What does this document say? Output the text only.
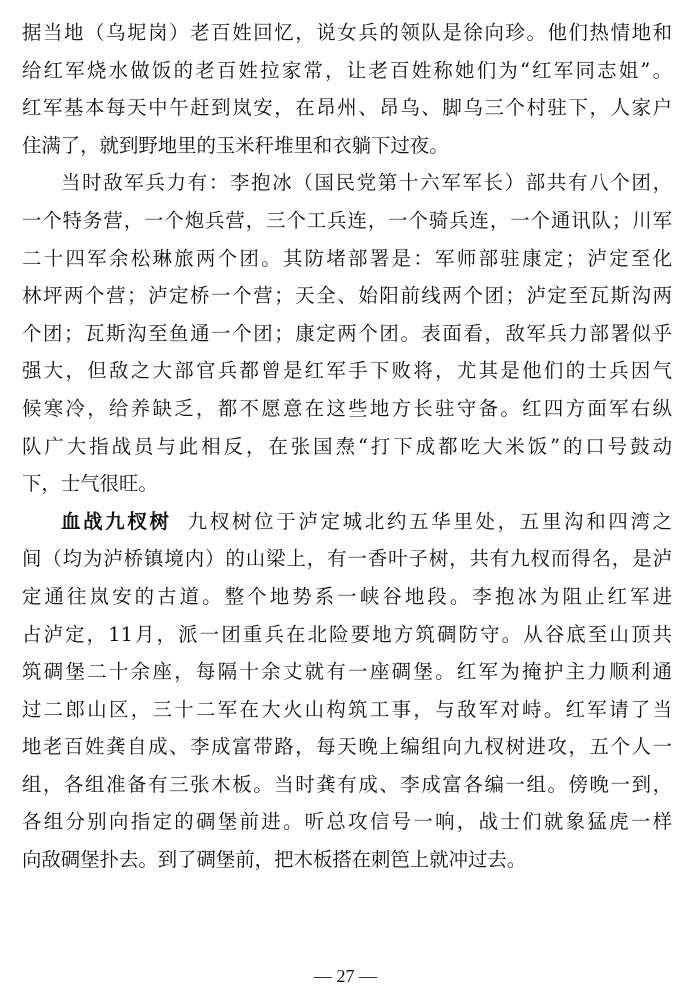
据当地（乌坭岗）老百姓回忆，说女兵的领队是徐向珍。他们热情地和
给红军烧水做饭的老百姓拉家常，让老百姓称她们为“红军同志姐”。
红军基本每天中午赶到岚安，在昂州、昂乌、脚乌三个村驻下，人家户
住满了，就到野地里的玉米秆堆里和衣躺下过夜。
当时敌军兵力有：李抱冰（国民党第十六军军长）部共有八个团，
一个特务营，一个炮兵营，三个工兵连，一个骑兵连，一个通讯队；川军
二十四军余松琳旅两个团。其防堵部署是：军师部驻康定；泸定至化
林坪两个营；泸定桥一个营；天全、始阳前线两个团；泸定至瓦斯沟两
个团；瓦斯沟至鱼通一个团；康定两个团。表面看，敌军兵力部署似乎
强大，但敌之大部官兵都曾是红军手下败将，尤其是他们的士兵因气
候寒冷，给养缺乏，都不愿意在这些地方长驻守备。红四方面军右纵
队广大指战员与此相反，在张国焘“打下成都吃大米饭”的口号鼓动
下，士气很旺。
血战九杈树 九杈树位于泸定城北约五华里处，五里沟和四湾之
间（均为泸桥镇境内）的山梁上，有一香叶子树，共有九杈而得名，是泸
定通往岚安的古道。整个地势系一峡谷地段。李抱冰为阻止红军进
占泸定，11月，派一团重兵在北险要地方筑碉防守。从谷底至山顶共
筑碉堡二十余座，每隔十余丈就有一座碉堡。红军为掩护主力顺利通
过二郎山区，三十二军在大火山构筑工事，与敌军对峙。红军请了当
地老百姓龚自成、李成富带路，每天晚上编组向九杈树进攻，五个人一
组，各组准备有三张木板。当时龚有成、李成富各编一组。傍晚一到，
各组分别向指定的碉堡前进。听总攻信号一响，战士们就象猛虎一样
向敌碉堡扑去。到了碉堡前，把木板搭在刺笆上就冲过去。
— 27 —
